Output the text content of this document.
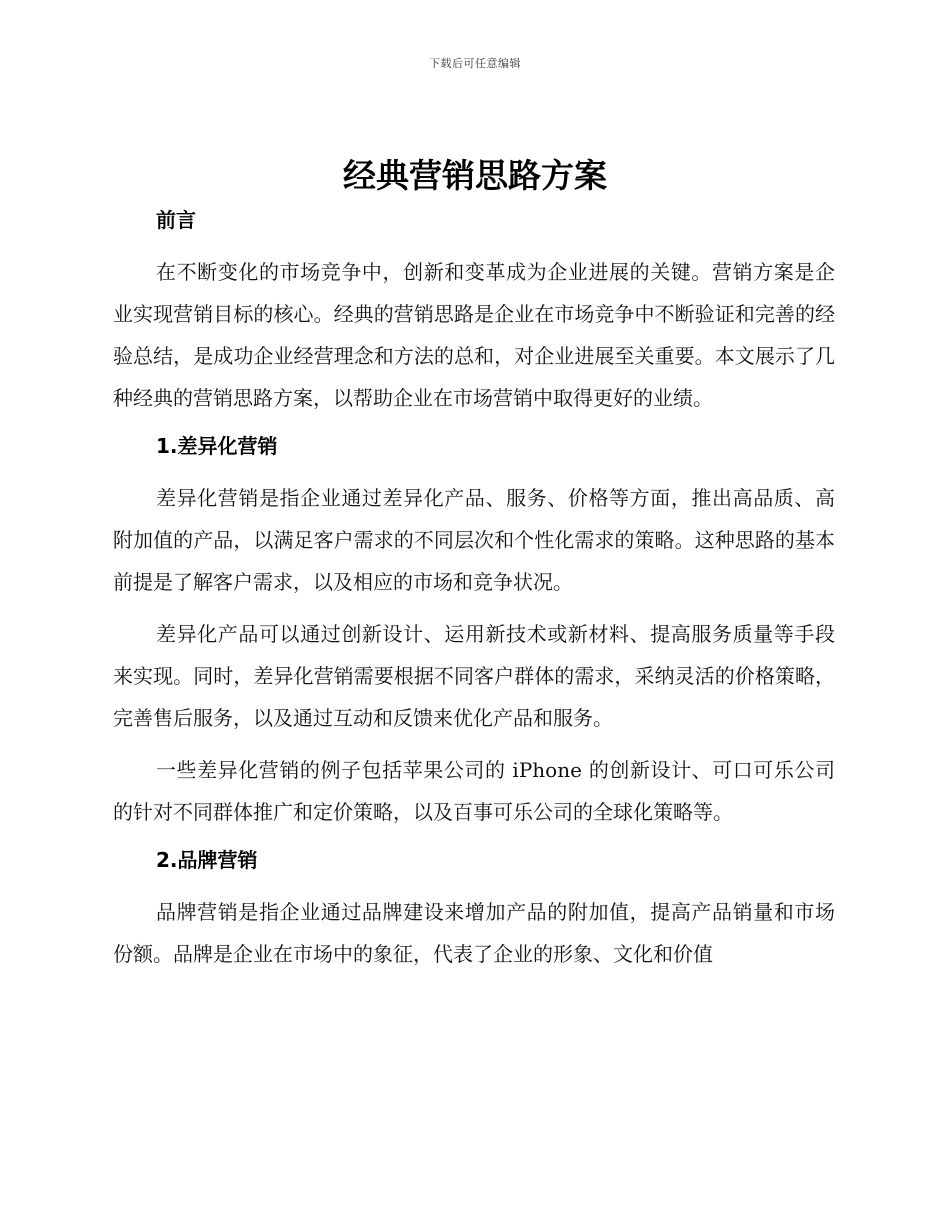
下载后可任意编辑
经典营销思路方案
前言

在不断变化的市场竞争中，创新和变革成为企业进展的关键。营销方案是企业实现营销目标的核心。经典的营销思路是企业在市场竞争中不断验证和完善的经验总结，是成功企业经营理念和方法的总和，对企业进展至关重要。本文展示了几种经典的营销思路方案，以帮助企业在市场营销中取得更好的业绩。

1.差异化营销

差异化营销是指企业通过差异化产品、服务、价格等方面，推出高品质、高附加值的产品，以满足客户需求的不同层次和个性化需求的策略。这种思路的基本前提是了解客户需求，以及相应的市场和竞争状况。

差异化产品可以通过创新设计、运用新技术或新材料、提高服务质量等手段来实现。同时，差异化营销需要根据不同客户群体的需求，采纳灵活的价格策略，完善售后服务，以及通过互动和反馈来优化产品和服务。

一些差异化营销的例子包括苹果公司的 iPhone 的创新设计、可口可乐公司的针对不同群体推广和定价策略，以及百事可乐公司的全球化策略等。

2.品牌营销

品牌营销是指企业通过品牌建设来增加产品的附加值，提高产品销量和市场份额。品牌是企业在市场中的象征，代表了企业的形象、文化和价值
